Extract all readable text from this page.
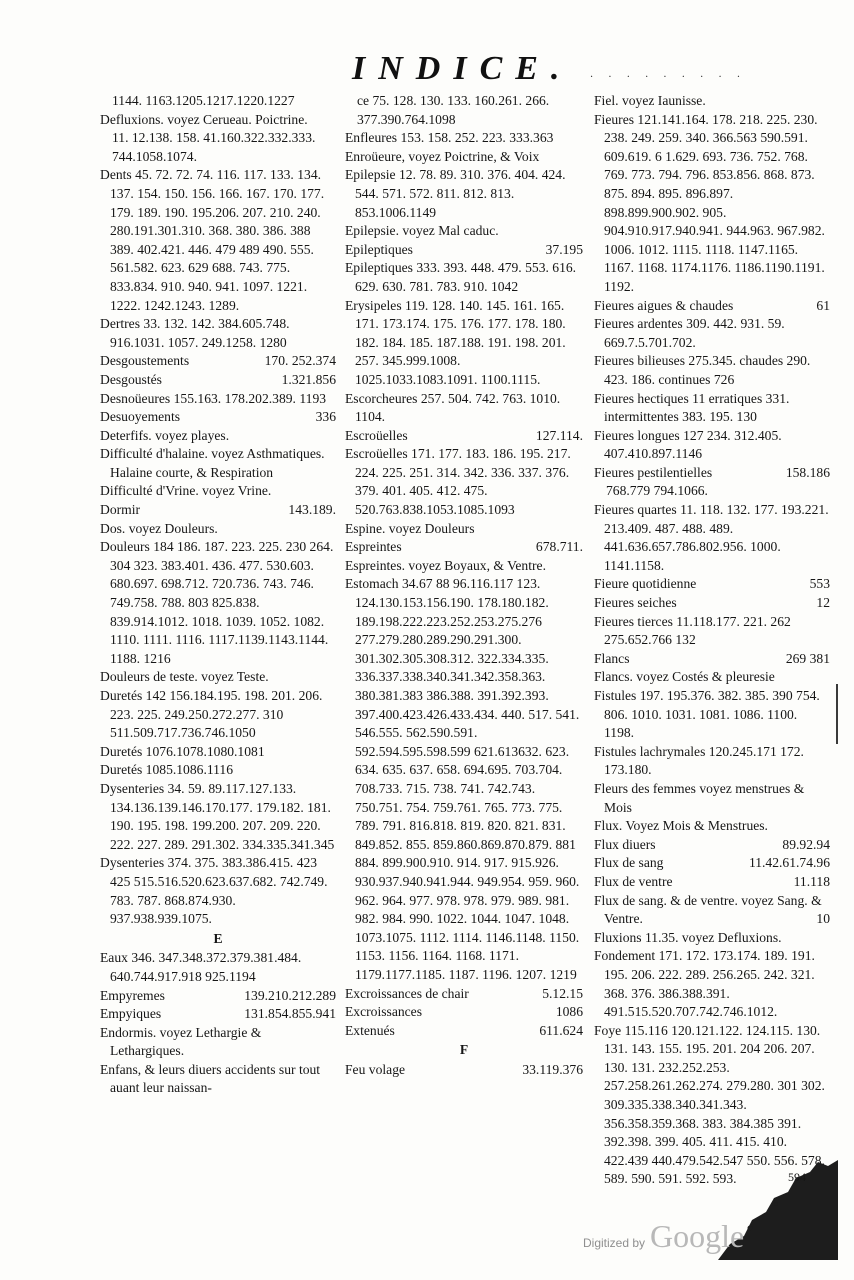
INDICE. · · · · · · · · ·
1144. 1163.1205.1217.1220.1227
Defluxions. voyez Cerueau. Poictrine.
11. 12.138. 158. 41.160.322.332.333. 744.1058.1074.
Dents 45. 72. 72. 74. 116. 117. 133. 134. 137. 154. 150. 156. 166. 167. 170. 177. 179. 189. 190. 195.206. 207. 210. 240. 280.191.301.310. 368. 380. 386. 388 389. 402.421. 446. 479 489 490. 555. 561.582. 623. 629 688. 743. 775. 833.834. 910. 940. 941. 1097. 1221. 1222. 1242.1243. 1289.
Dertres 33. 132. 142. 384.605.748. 916.1031. 1057. 249.1258. 1280
Desgoustements	170. 252.374
Desgoustés	1.321.856
Desnoüeures 155.163. 178.202.389. 1193
Desuoyements	336
Deterfifs. voyez playes.
Difficulté d'halaine. voyez Asthmatiques. Halaine courte, & Respiration
Difficulté d'Vrine. voyez Vrine.
Dormir	143.189.
Dos. voyez Douleurs.
Douleurs 184 186. 187. 223. 225. 230 264. 304 323. 383.401. 436. 477. 530.603. 680.697. 698.712. 720.736. 743. 746. 749.758. 788. 803 825.838. 839.914.1012. 1018. 1039. 1052. 1082. 1110. 1111. 1116. 1117.1139.1143.1144. 1188. 1216
Douleurs de teste. voyez Teste.
Duretés 142 156.184.195. 198. 201. 206. 223. 225. 249.250.272.277. 310 511.509.717.736.746.1050
Duretés 1076.1078.1080.1081
Duretés 1085.1086.1116
Dysenteries 34. 59. 89.117.127.133. 134.136.139.146.170.177. 179.182. 181. 190. 195. 198. 199.200. 207. 209. 220. 222. 227. 289. 291.302. 334.335.341.345
Dysenteries 374. 375. 383.386.415. 423 425 515.516.520.623.637.682. 742.749. 783. 787. 868.874.930. 937.938.939.1075.
E
Eaux 346. 347.348.372.379.381.484. 640.744.917.918 925.1194
Empyremes	139.210.212.289
Empyiques	131.854.855.941
Endormis. voyez Lethargie & Lethargiques.
Enfans, & leurs diuers accidents sur tout auant leur naissan-
ce 75. 128. 130. 133. 160.261. 266. 377.390.764.1098
Enfleures 153. 158. 252. 223. 333.363
Enroüeure, voyez Poictrine, & Voix
Epilepsie 12. 78. 89. 310. 376. 404. 424. 544. 571. 572. 811. 812. 813. 853.1006.1149
Epilepsie. voyez Mal caduc.
Epileptiques	37.195
Epileptiques 333. 393. 448. 479. 553. 616. 629. 630. 781. 783. 910. 1042
Erysipeles 119. 128. 140. 145. 161. 165. 171. 173.174. 175. 176. 177. 178. 180. 182. 184. 185. 187.188. 191. 198. 201. 257. 345.999.1008. 1025.1033.1083.1091. 1100.1115.
Escorcheures 257. 504. 742. 763. 1010. 1104.
Escroüelles	127.114.
Escroüelles 171. 177. 183. 186. 195. 217. 224. 225. 251. 314. 342. 336. 337. 376. 379. 401. 405. 412. 475. 520.763.838.1053.1085.1093
Espine. voyez Douleurs
Espreintes	678.711.
Espreintes. voyez Boyaux, & Ventre.
Estomach 34.67 88 96.116.117 123. 124.130.153.156.190. 178.180.182. 189.198.222.223.252.253.275.276 277.279.280.289.290.291.300. 301.302.305.308.312. 322.334.335. 336.337.338.340.341.342.358.363. 380.381.383 386.388. 391.392.393. 397.400.423.426.433.434. 440. 517. 541. 546.555. 562.590.591. 592.594.595.598.599 621.613632. 623. 634. 635. 637. 658. 694.695. 703.704. 708.733. 715. 738. 741. 742.743. 750.751. 754. 759.761. 765. 773. 775. 789. 791. 816.818. 819. 820. 821. 831. 849.852. 855. 859.860.869.870.879. 881 884. 899.900.910. 914. 917. 915.926. 930.937.940.941.944. 949.954. 959. 960. 962. 964. 977. 978. 978. 979. 989. 981. 982. 984. 990. 1022. 1044. 1047. 1048. 1073.1075. 1112. 1114. 1146.1148. 1150. 1153. 1156. 1164. 1168. 1171. 1179.1177.1185. 1187. 1196. 1207. 1219
Excroissances de chair	5.12.15
Excroissances	1086
Extenués	611.624
F
Feu volage	33.119.376
Fiel. voyez Iaunisse.
Fieures 121.141.164. 178. 218. 225. 230. 238. 249. 259. 340. 366.563 590.591. 609.619. 6 1.629. 693. 736. 752. 768. 769. 773. 794. 796. 853.856. 868. 873. 875. 894. 895. 896.897. 898.899.900.902. 905. 904.910.917.940.941. 944.963. 967.982. 1006. 1012. 1115. 1118. 1147.1165. 1167. 1168. 1174.1176. 1186.1190.1191. 1192.
Fieures aigues & chaudes	61
Fieures ardentes 309. 442. 931. 59. 669.7.5.701.702.
Fieures bilieuses 275.345. chaudes 290. 423. 186. continues 726
Fieures hectiques 11 erratiques 331. intermittentes 383. 195. 130
Fieures longues 127 234. 312.405. 407.410.897.1146
Fieures pestilentielles	158.186
768.779 794.1066.
Fieures quartes 11. 118. 132. 177. 193.221. 213.409. 487. 488. 489. 441.636.657.786.802.956. 1000. 1141.1158.
Fieure quotidienne	553
Fieures seiches	12
Fieures tierces 11.118.177. 221. 262 275.652.766 132
Flancs	269 381
Flancs. voyez Costés & pleuresie
Fistules 197. 195.376. 382. 385. 390 754. 806. 1010. 1031. 1081. 1086. 1100. 1198.
Fistules lachrymales 120.245.171 172. 173.180.
Fleurs des femmes voyez menstrues & Mois
Flux. Voyez Mois & Menstrues.
Flux diuers	89.92.94
Flux de sang	11.42.61.74.96
Flux de ventre	11.118
Flux de sang. & de ventre. voyez Sang. & Ventre.	10
Fluxions 11.35. voyez Defluxions.
Fondement 171. 172. 173.174. 189. 191. 195. 206. 222. 289. 256.265. 242. 321. 368. 376. 386.388.391. 491.515.520.707.742.746.1012.
Foye 115.116 120.121.122. 124.115. 130. 131. 143. 155. 195. 201. 204 206. 207. 130. 131. 232.252.253. 257.258.261.262.274. 279.280. 301 302. 309.335.338.340.341.343. 356.358.359.368. 383. 384.385 391. 392.398. 399. 405. 411. 415. 410. 422.439 440.479.542.547 550. 556. 578. 589. 590. 591. 592. 593.	594
Digitized by Google
